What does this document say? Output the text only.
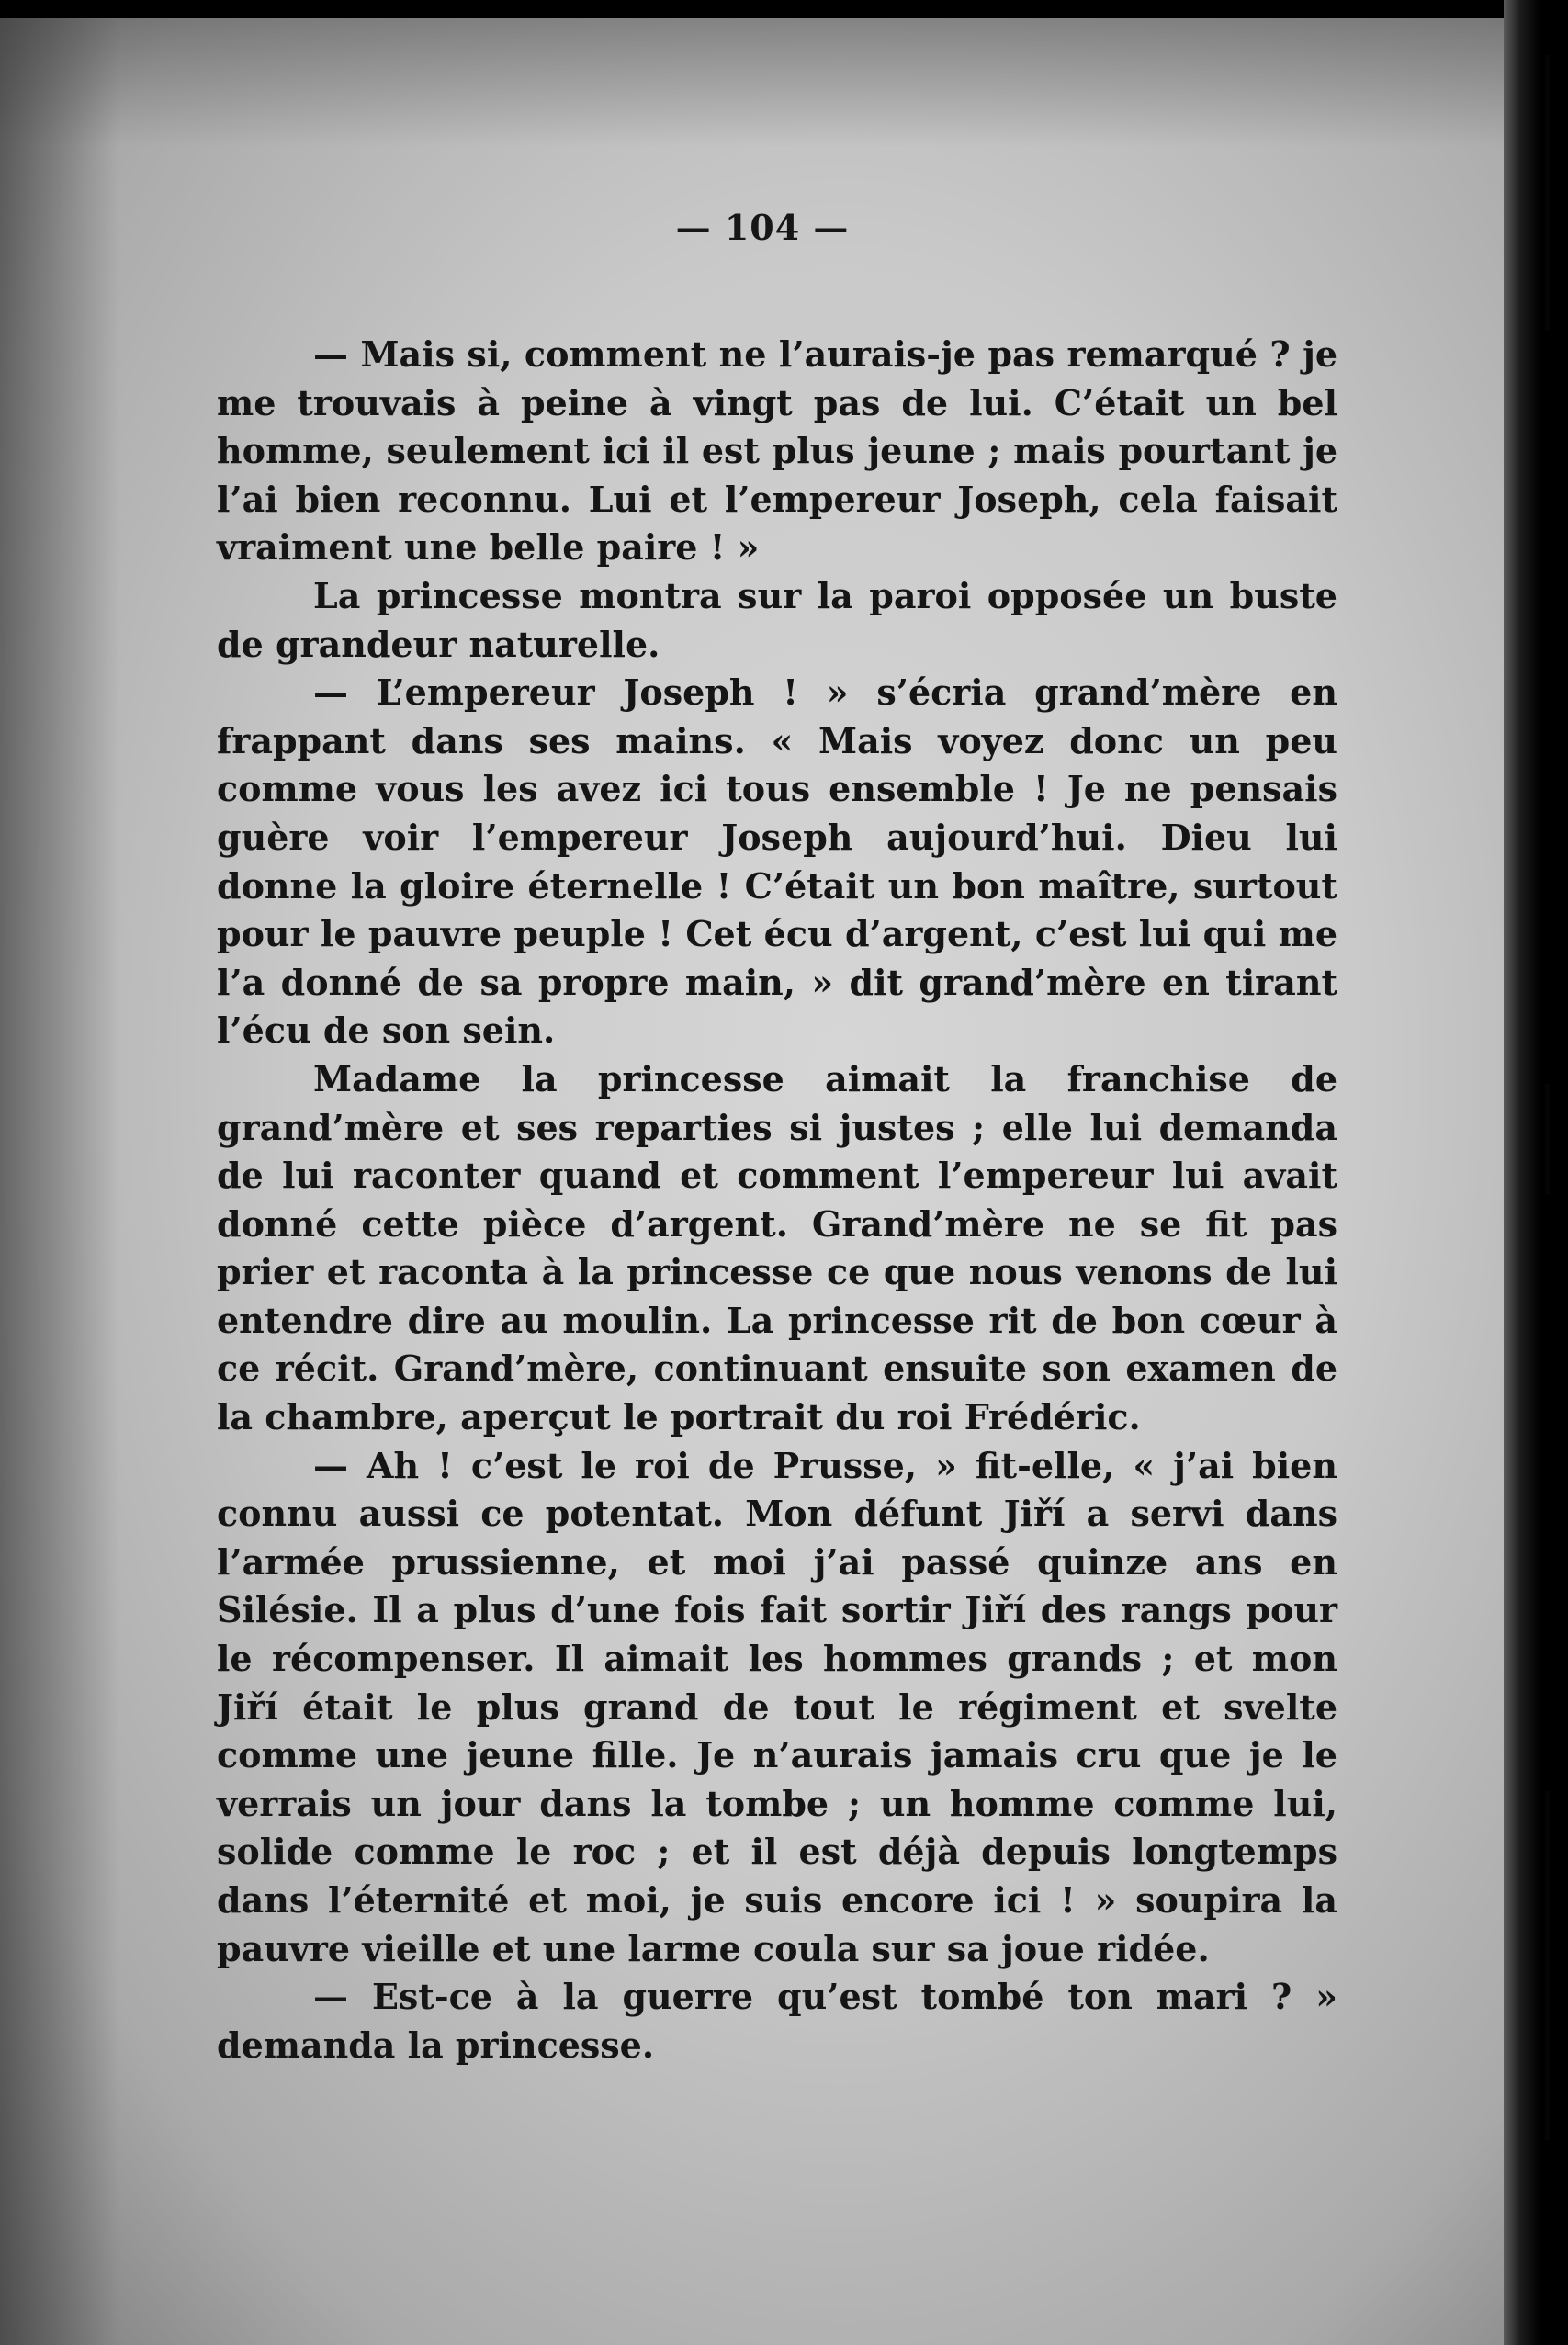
— 104 —

— Mais si, comment ne l’aurais-je pas remarqué ? je me trouvais à peine à vingt pas de lui. C’était un bel homme, seulement ici il est plus jeune ; mais pourtant je l’ai bien reconnu. Lui et l’empereur Joseph, cela faisait vraiment une belle paire ! »

La princesse montra sur la paroi opposée un buste de grandeur naturelle.

— L’empereur Joseph ! » s’écria grand’mère en frappant dans ses mains. « Mais voyez donc un peu comme vous les avez ici tous ensemble ! Je ne pensais guère voir l’empereur Joseph aujourd’hui. Dieu lui donne la gloire éternelle ! C’était un bon maître, surtout pour le pauvre peuple ! Cet écu d’argent, c’est lui qui me l’a donné de sa propre main, » dit grand’mère en tirant l’écu de son sein.

Madame la princesse aimait la franchise de grand’mère et ses reparties si justes ; elle lui demanda de lui raconter quand et comment l’empereur lui avait donné cette pièce d’argent. Grand’mère ne se fit pas prier et raconta à la princesse ce que nous venons de lui entendre dire au moulin. La princesse rit de bon cœur à ce récit. Grand’mère, continuant ensuite son examen de la chambre, aperçut le portrait du roi Frédéric.

— Ah ! c’est le roi de Prusse, » fit-elle, « j’ai bien connu aussi ce potentat. Mon défunt Jiří a servi dans l’armée prussienne, et moi j’ai passé quinze ans en Silésie. Il a plus d’une fois fait sortir Jiří des rangs pour le récompenser. Il aimait les hommes grands ; et mon Jiří était le plus grand de tout le régiment et svelte comme une jeune fille. Je n’aurais jamais cru que je le verrais un jour dans la tombe ; un homme comme lui, solide comme le roc ; et il est déjà depuis longtemps dans l’éternité et moi, je suis encore ici ! » soupira la pauvre vieille et une larme coula sur sa joue ridée.

— Est-ce à la guerre qu’est tombé ton mari ? » demanda la princesse.
